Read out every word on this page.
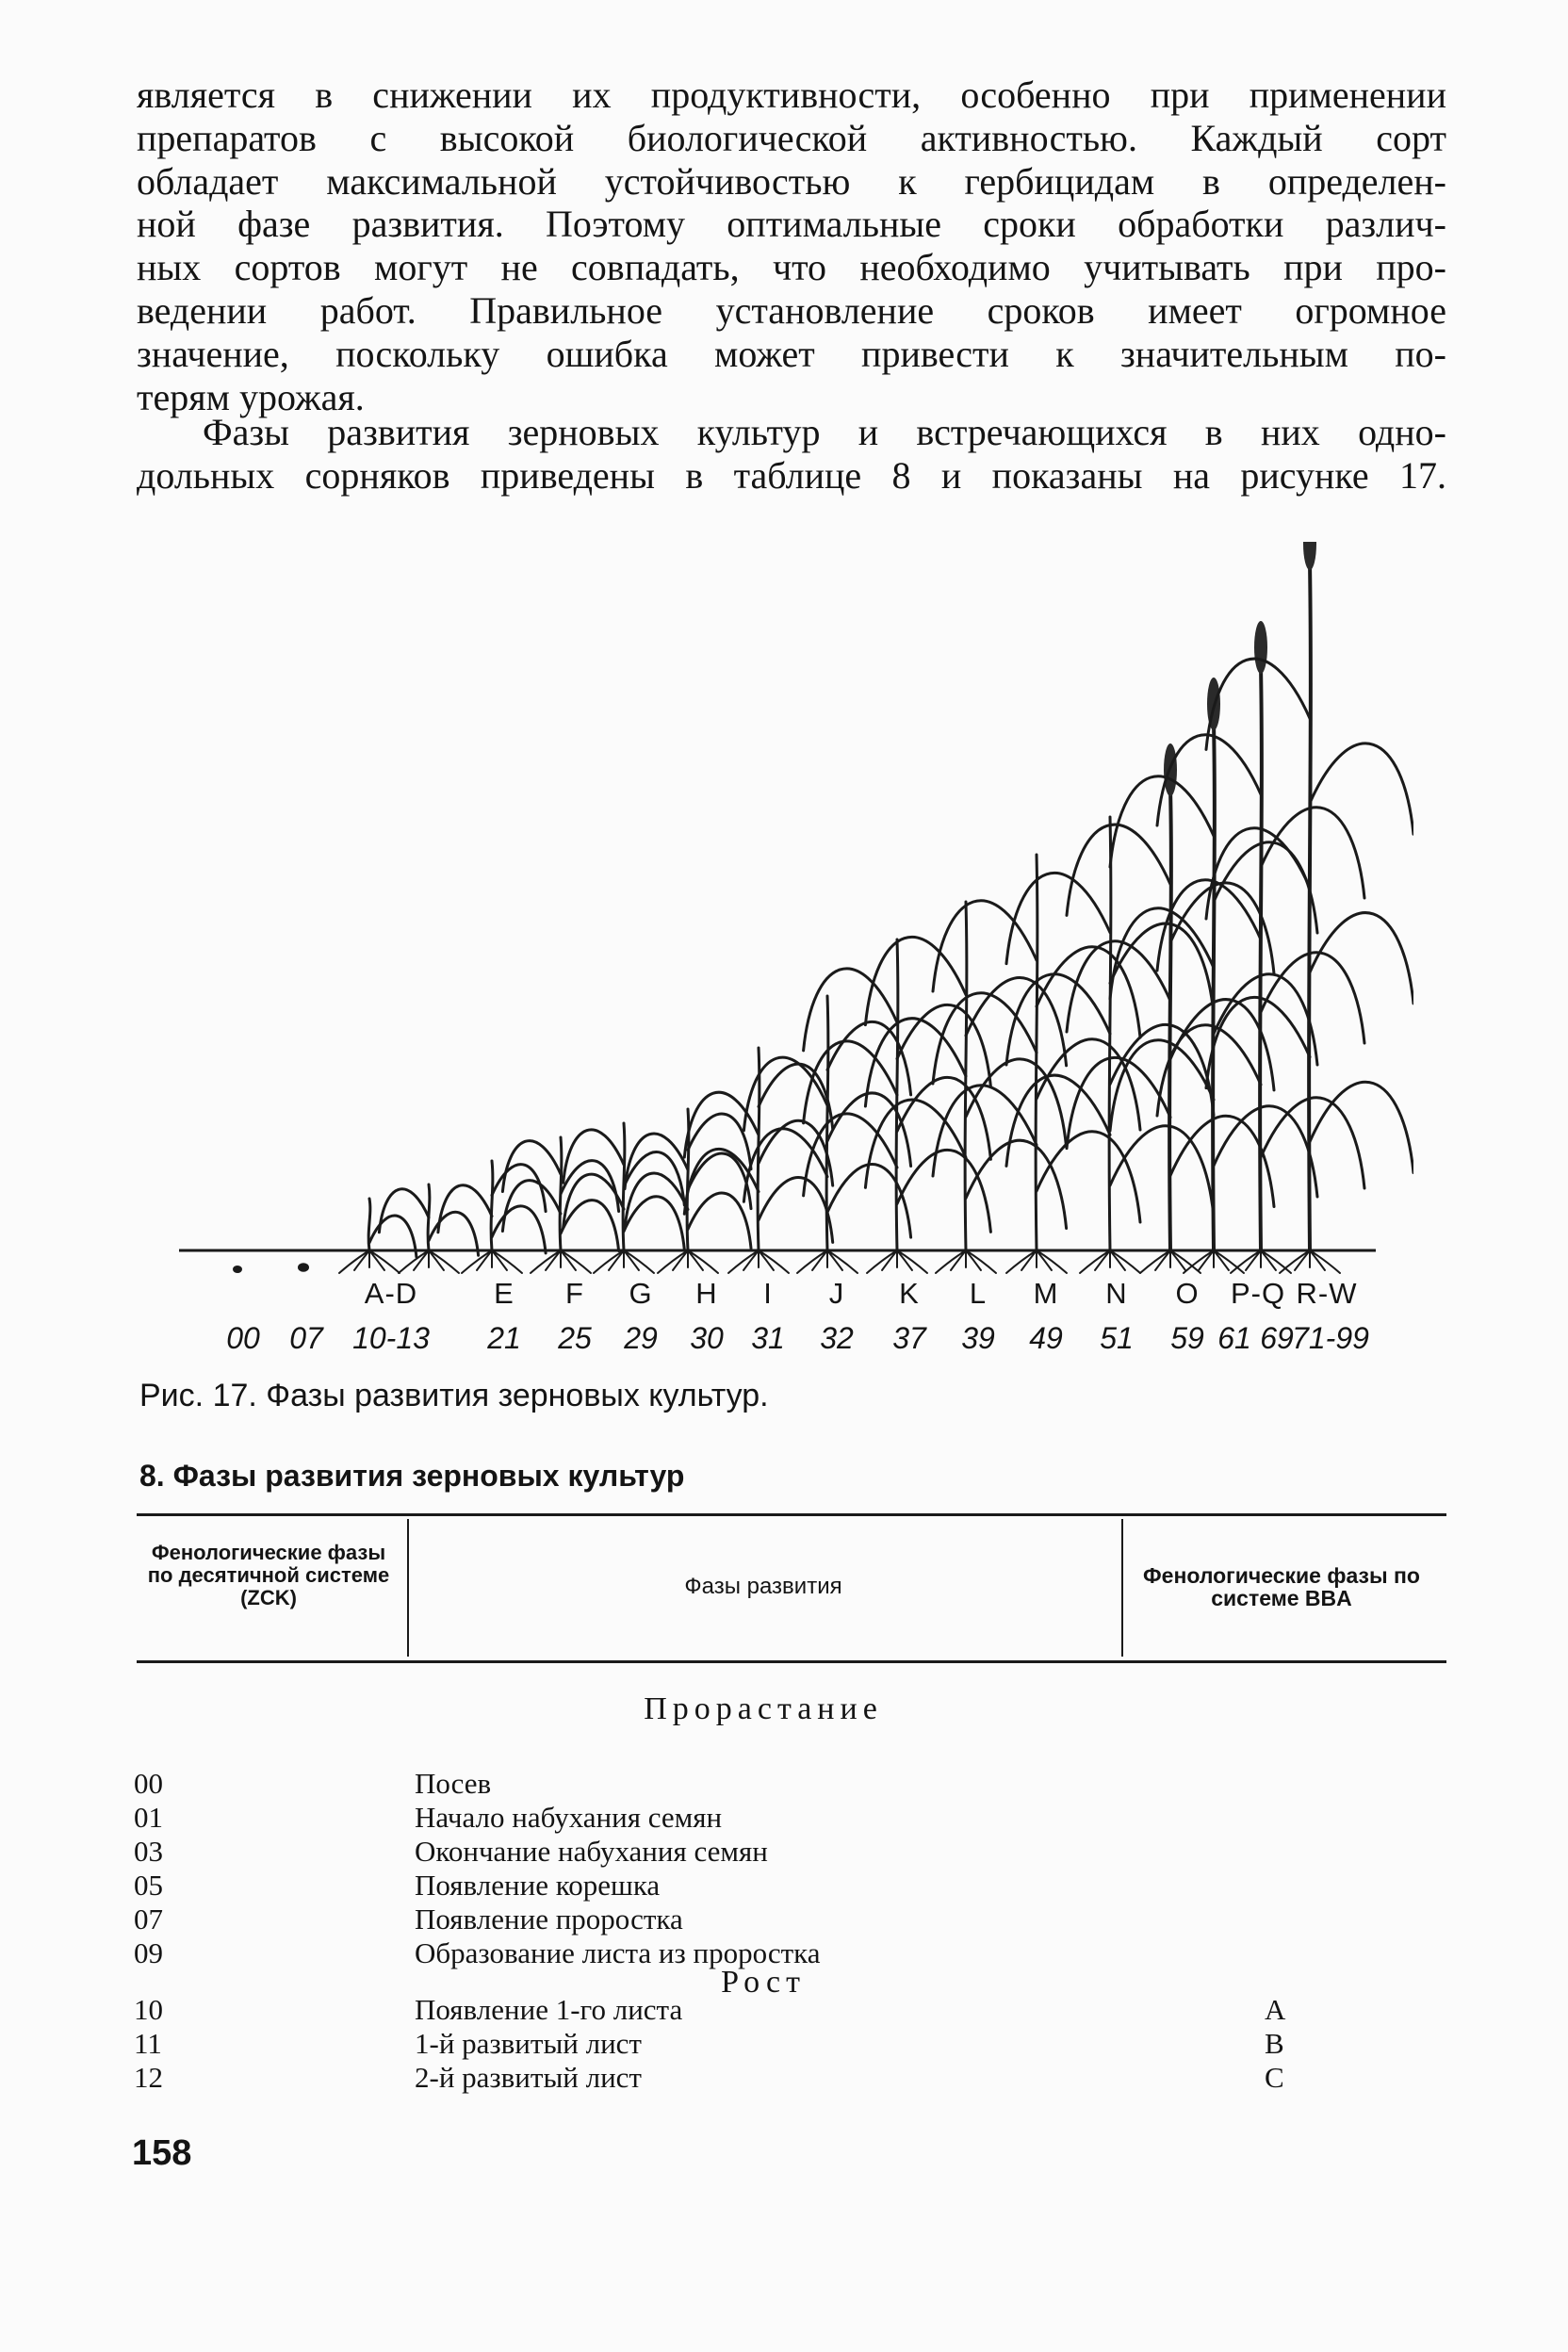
является в снижении их продуктивности, особенно при применении
препаратов с высокой биологической активностью. Каждый сорт
обладает максимальной устойчивостью к гербицидам в определен-
ной фазе развития. Поэтому оптимальные сроки обработки различ-
ных сортов могут не совпадать, что необходимо учитывать при про-
ведении работ. Правильное установление сроков имеет огромное
значение, поскольку ошибка может привести к значительным по-
терям урожая.
Фазы развития зерновых культур и встречающихся в них одно-
дольных сорняков приведены в таблице 8 и показаны на рисунке 17.
A-D	E F G H I J K L M N O P-Q R-W
00 07 10-13 21 25 29 30 31 32 37 39 49 51 59 61 69
71-99
Рис. 17. Фазы развития зерновых культур.
8. Фазы развития зерновых культур
Фенологические фазы по десятичной системе (ZCK)	Фазы развития	Фенологические фазы по системе BBA
Прорастание
00	Посев
01	Начало набухания семян
03	Окончание набухания семян
05	Появление корешка
07	Появление проростка
09	Образование листа из проростка
Рост
10	Появление 1-го листа	A
11	1-й развитый лист	B
12	2-й развитый лист	C
158
